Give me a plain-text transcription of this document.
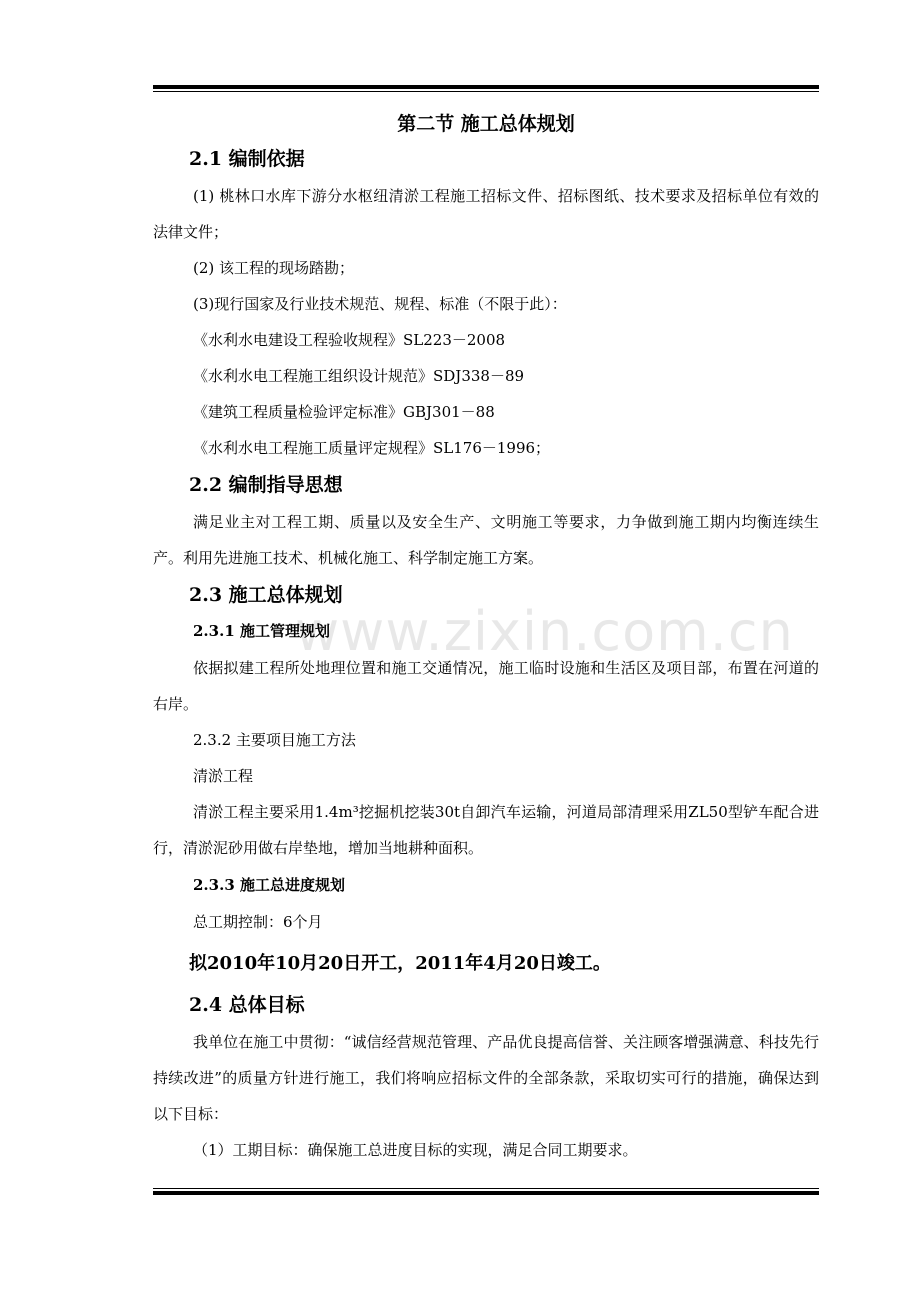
第二节 施工总体规划
2.1 编制依据

(1) 桃林口水库下游分水枢纽清淤工程施工招标文件、招标图纸、技术要求及招标单位有效的法律文件；

(2) 该工程的现场踏勘；

(3)现行国家及行业技术规范、规程、标准（不限于此）：

《水利水电建设工程验收规程》SL223－2008

《水利水电工程施工组织设计规范》SDJ338－89

《建筑工程质量检验评定标准》GBJ301－88

《水利水电工程施工质量评定规程》SL176－1996；

2.2 编制指导思想

满足业主对工程工期、质量以及安全生产、文明施工等要求，力争做到施工期内均衡连续生产。利用先进施工技术、机械化施工、科学制定施工方案。

2.3 施工总体规划
2.3.1 施工管理规划

依据拟建工程所处地理位置和施工交通情况，施工临时设施和生活区及项目部，布置在河道的右岸。

2.3.2 主要项目施工方法

清淤工程

清淤工程主要采用1.4m³挖掘机挖装30t自卸汽车运输，河道局部清理采用ZL50型铲车配合进行，清淤泥砂用做右岸垫地，增加当地耕种面积。

2.3.3 施工总进度规划

总工期控制：6个月

拟2010年10月20日开工，2011年4月20日竣工。
2.4 总体目标

我单位在施工中贯彻：“诚信经营规范管理、产品优良提高信誉、关注顾客增强满意、科技先行持续改进”的质量方针进行施工，我们将响应招标文件的全部条款，采取切实可行的措施，确保达到以下目标：

（1）工期目标：确保施工总进度目标的实现，满足合同工期要求。

www.zixin.com.cn
